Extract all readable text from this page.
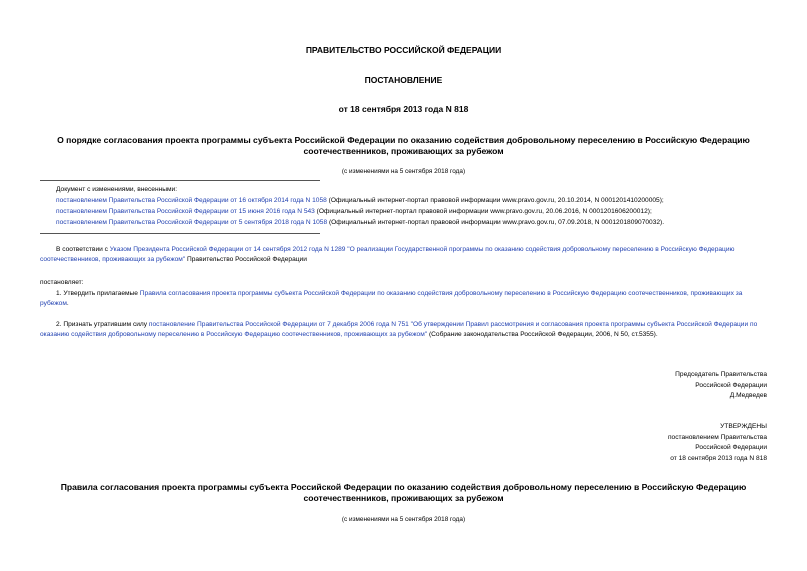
ПРАВИТЕЛЬСТВО РОССИЙСКОЙ ФЕДЕРАЦИИ
ПОСТАНОВЛЕНИЕ
от 18 сентября 2013 года N 818
О порядке согласования проекта программы субъекта Российской Федерации по оказанию содействия добровольному переселению в Российскую Федерацию
соотечественников, проживающих за рубежом
(с изменениями на 5 сентября 2018 года)
Документ с изменениями, внесенными:
постановлением Правительства Российской Федерации от 16 октября 2014 года N 1058 (Официальный интернет-портал правовой информации www.pravo.gov.ru, 20.10.2014, N 0001201410200005);
постановлением Правительства Российской Федерации от 15 июня 2016 года N 543 (Официальный интернет-портал правовой информации www.pravo.gov.ru, 20.06.2016, N 0001201606200012);
постановлением Правительства Российской Федерации от 5 сентября 2018 года N 1058 (Официальный интернет-портал правовой информации www.pravo.gov.ru, 07.09.2018, N 0001201809070032).
В соответствии с Указом Президента Российской Федерации от 14 сентября 2012 года N 1289 "О реализации Государственной программы по оказанию содействия добровольному переселению в Российскую Федерацию соотечественников, проживающих за рубежом" Правительство Российской Федерации
постановляет:
1. Утвердить прилагаемые Правила согласования проекта программы субъекта Российской Федерации по оказанию содействия добровольному переселению в Российскую Федерацию соотечественников, проживающих за рубежом.
2. Признать утратившим силу постановление Правительства Российской Федерации от 7 декабря 2006 года N 751 "Об утверждении Правил рассмотрения и согласования проекта программы субъекта Российской Федерации по оказанию содействия добровольному переселению в Российскую Федерацию соотечественников, проживающих за рубежом" (Собрание законодательства Российской Федерации, 2006, N 50, ст.5355).
Председатель Правительства
Российской Федерации
Д.Медведев
УТВЕРЖДЕНЫ
постановлением Правительства
Российской Федерации
от 18 сентября 2013 года N 818
Правила согласования проекта программы субъекта Российской Федерации по оказанию содействия добровольному переселению в Российскую Федерацию
соотечественников, проживающих за рубежом
(с изменениями на 5 сентября 2018 года)
